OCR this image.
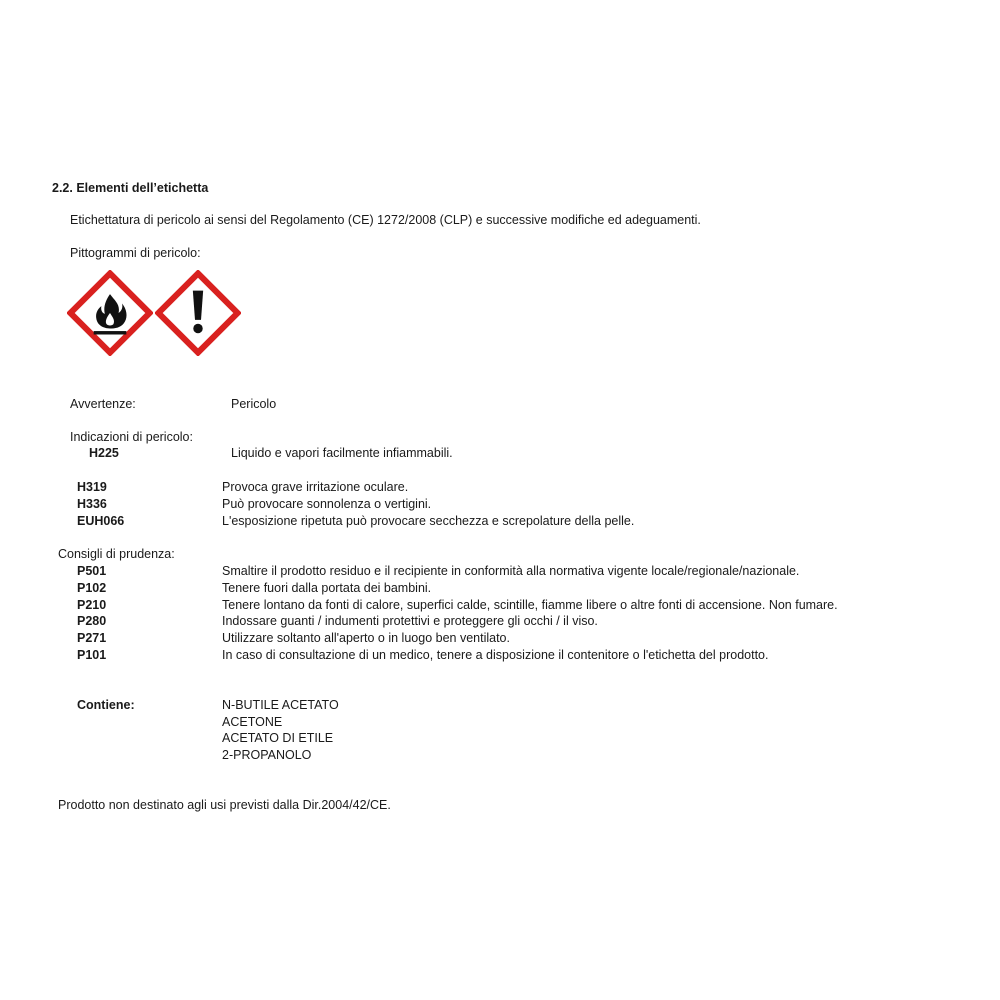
2.2. Elementi dell’etichetta
Etichettatura di pericolo ai sensi del Regolamento (CE) 1272/2008 (CLP) e successive modifiche ed adeguamenti.
Pittogrammi di pericolo:
Avvertenze:	Pericolo
Indicazioni di pericolo:
H225	Liquido e vapori facilmente infiammabili.
H319	Provoca grave irritazione oculare.
H336	Può provocare sonnolenza o vertigini.
EUH066	L'esposizione ripetuta può provocare secchezza e screpolature della pelle.
Consigli di prudenza:
P501	Smaltire il prodotto residuo e il recipiente in conformità alla normativa vigente locale/regionale/nazionale.
P102	Tenere fuori dalla portata dei bambini.
P210	Tenere lontano da fonti di calore, superfici calde, scintille, fiamme libere o altre fonti di accensione. Non fumare.
P280	Indossare guanti / indumenti protettivi e proteggere gli occhi / il viso.
P271	Utilizzare soltanto all'aperto o in luogo ben ventilato.
P101	In caso di consultazione di un medico, tenere a disposizione il contenitore o l'etichetta del prodotto.
Contiene:	N-BUTILE ACETATO
ACETONE
ACETATO DI ETILE
2-PROPANOLO
Prodotto non destinato agli usi previsti dalla Dir.2004/42/CE.
